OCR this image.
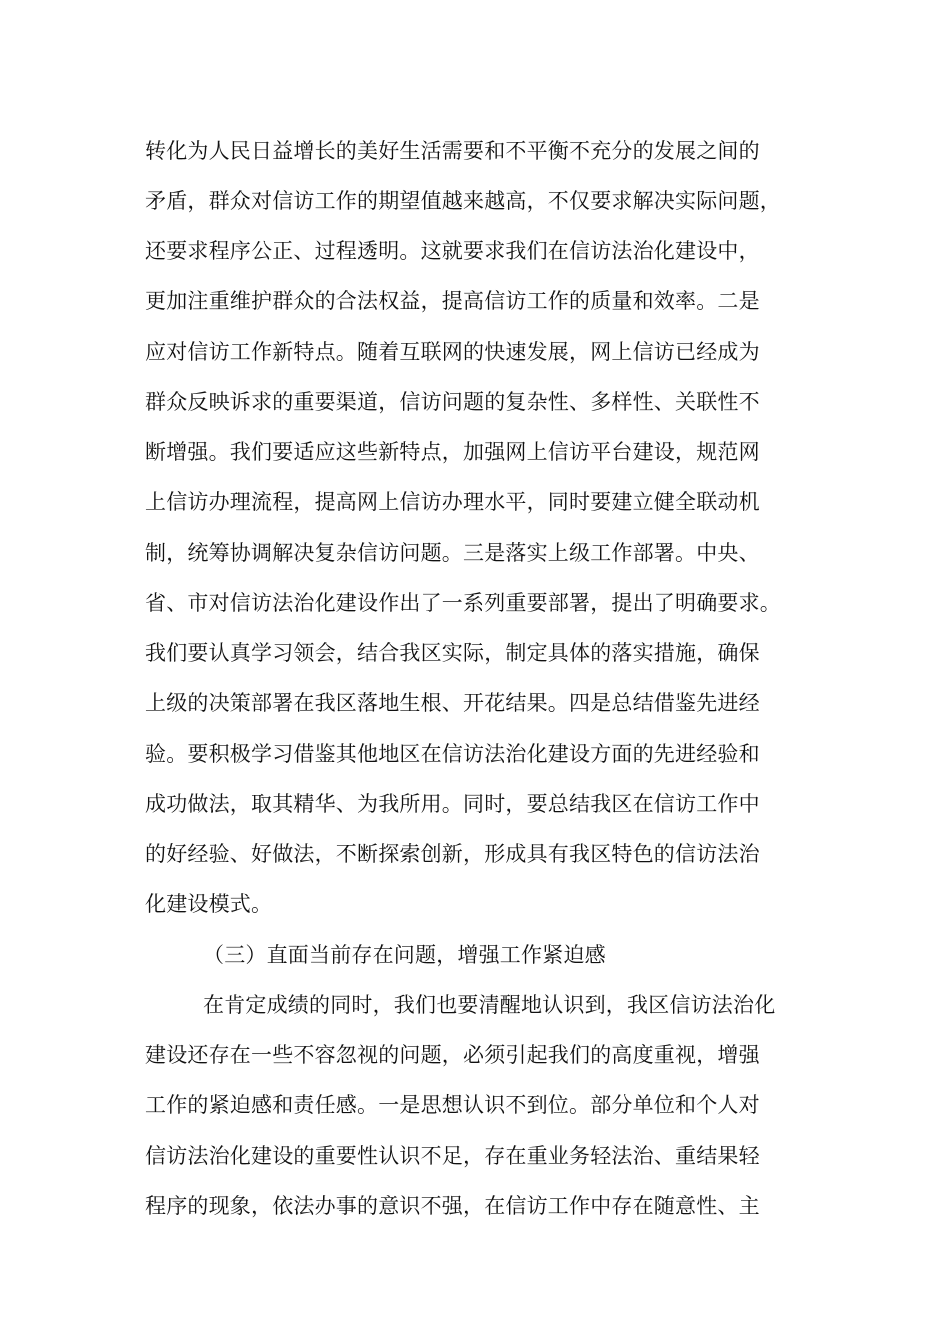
转化为人民日益增长的美好生活需要和不平衡不充分的发展之间的
矛盾，群众对信访工作的期望值越来越高，不仅要求解决实际问题，
还要求程序公正、过程透明。这就要求我们在信访法治化建设中，
更加注重维护群众的合法权益，提高信访工作的质量和效率。二是
应对信访工作新特点。随着互联网的快速发展，网上信访已经成为
群众反映诉求的重要渠道，信访问题的复杂性、多样性、关联性不
断增强。我们要适应这些新特点，加强网上信访平台建设，规范网
上信访办理流程，提高网上信访办理水平，同时要建立健全联动机
制，统筹协调解决复杂信访问题。三是落实上级工作部署。中央、
省、市对信访法治化建设作出了一系列重要部署，提出了明确要求。
我们要认真学习领会，结合我区实际，制定具体的落实措施，确保
上级的决策部署在我区落地生根、开花结果。四是总结借鉴先进经
验。要积极学习借鉴其他地区在信访法治化建设方面的先进经验和
成功做法，取其精华、为我所用。同时，要总结我区在信访工作中
的好经验、好做法，不断探索创新，形成具有我区特色的信访法治
化建设模式。
（三）直面当前存在问题，增强工作紧迫感
在肯定成绩的同时，我们也要清醒地认识到，我区信访法治化
建设还存在一些不容忽视的问题，必须引起我们的高度重视，增强
工作的紧迫感和责任感。一是思想认识不到位。部分单位和个人对
信访法治化建设的重要性认识不足，存在重业务轻法治、重结果轻
程序的现象，依法办事的意识不强，在信访工作中存在随意性、主
